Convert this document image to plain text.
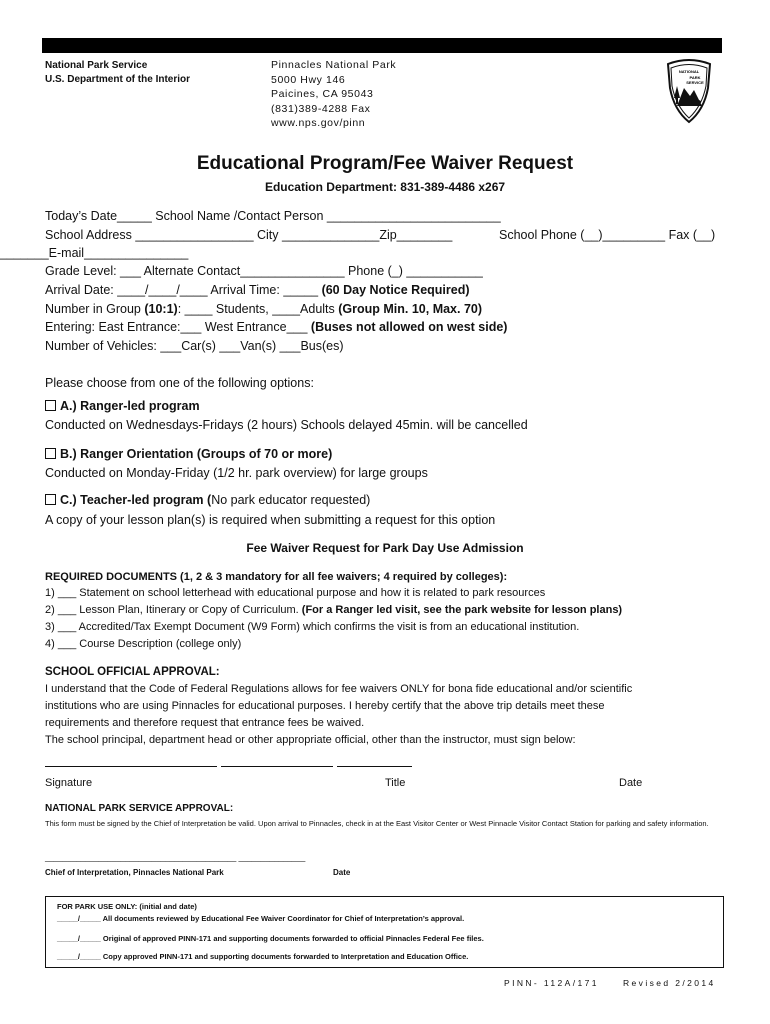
National Park Service
U.S. Department of the Interior
Pinnacles National Park
5000 Hwy 146
Paicines, CA 95043
(831)389-4288 Fax
www.nps.gov/pinn
NATIONAL
PARK
SERVICE
Educational Program/Fee Waiver Request
Education Department: 831-389-4486 x267
Today’s Date_____ School Name /Contact Person _________________________
School Address _________________ City ______________Zip________	School Phone (__)_________ Fax (__)
_______E-mail_______________
Grade Level: ___ Alternate Contact_______________ Phone (_) ___________
Arrival Date: ____/____/____ Arrival Time: _____ (60 Day Notice Required)
Number in Group (10:1): ____ Students, ____Adults (Group Min. 10, Max. 70)
Entering: East Entrance:___ West Entrance___ (Buses not allowed on west side)
Number of Vehicles: ___Car(s) ___Van(s) ___Bus(es)
Please choose from one of the following options:
A.) Ranger-led program
Conducted on Wednesdays-Fridays (2 hours) Schools delayed 45min. will be cancelled
B.) Ranger Orientation (Groups of 70 or more)
Conducted on Monday-Friday (1/2 hr. park overview) for large groups
C.) Teacher-led program (No park educator requested)
A copy of your lesson plan(s) is required when submitting a request for this option
Fee Waiver Request for Park Day Use Admission
REQUIRED DOCUMENTS (1, 2 & 3 mandatory for all fee waivers; 4 required by colleges):
1) ___ Statement on school letterhead with educational purpose and how it is related to park resources
2) ___ Lesson Plan, Itinerary or Copy of Curriculum. (For a Ranger led visit, see the park website for lesson plans)
3) ___ Accredited/Tax Exempt Document (W9 Form) which confirms the visit is from an educational institution.
4) ___ Course Description (college only)
SCHOOL OFFICIAL APPROVAL:
I understand that the Code of Federal Regulations allows for fee waivers ONLY for bona fide educational and/or scientific
institutions who are using Pinnacles for educational purposes. I hereby certify that the above trip details meet these
requirements and therefore request that entrance fees be waived.
The school principal, department head or other appropriate official, other than the instructor, must sign below:
Signature	Title	Date
NATIONAL PARK SERVICE APPROVAL:
This form must be signed by the Chief of Interpretation be valid. Upon arrival to Pinnacles, check in at the East Visitor Center or West Pinnacle Visitor Contact Station for parking and safety information.
___________________________________________ _______________
Chief of Interpretation, Pinnacles National Park	Date
FOR PARK USE ONLY: (initial and date)
_____/_____ All documents reviewed by Educational Fee Waiver Coordinator for Chief of Interpretation’s approval.
_____/_____ Original of approved PINN-171 and supporting documents forwarded to official Pinnacles Federal Fee files.
_____/_____ Copy approved PINN-171 and supporting documents forwarded to Interpretation and Education Office.
PINN- 112A/171	Revised 2/2014
